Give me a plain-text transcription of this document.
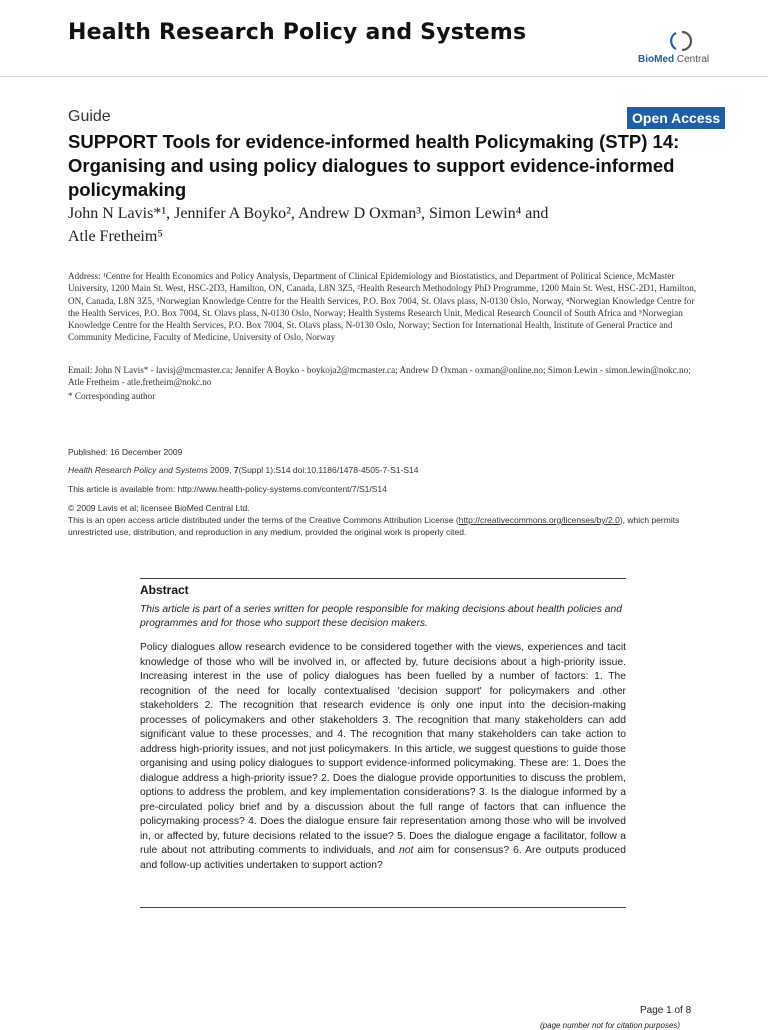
Health Research Policy and Systems
BioMed Central
Guide	Open Access
SUPPORT Tools for evidence-informed health Policymaking (STP) 14: Organising and using policy dialogues to support evidence-informed policymaking
John N Lavis*¹, Jennifer A Boyko², Andrew D Oxman³, Simon Lewin⁴ and
Atle Fretheim⁵
Address: ¹Centre for Health Economics and Policy Analysis, Department of Clinical Epidemiology and Biostatistics, and Department of Political Science, McMaster University, 1200 Main St. West, HSC-2D3, Hamilton, ON, Canada, L8N 3Z5, ²Health Research Methodology PhD Programme, 1200 Main St. West, HSC-2D1, Hamilton, ON, Canada, L8N 3Z5, ³Norwegian Knowledge Centre for the Health Services, P.O. Box 7004, St. Olavs plass, N-0130 Oslo, Norway, ⁴Norwegian Knowledge Centre for the Health Services, P.O. Box 7004, St. Olavs plass, N-0130 Oslo, Norway; Health Systems Research Unit, Medical Research Council of South Africa and ⁵Norwegian Knowledge Centre for the Health Services, P.O. Box 7004, St. Olavs plass, N-0130 Oslo, Norway; Section for International Health, Institute of General Practice and Community Medicine, Faculty of Medicine, University of Oslo, Norway
Email: John N Lavis* - lavisj@mcmaster.ca; Jennifer A Boyko - boykoja2@mcmaster.ca; Andrew D Oxman - oxman@online.no; Simon Lewin - simon.lewin@nokc.no; Atle Fretheim - atle.fretheim@nokc.no
* Corresponding author
Published: 16 December 2009
Health Research Policy and Systems 2009, 7(Suppl 1):S14 doi:10.1186/1478-4505-7-S1-S14
This article is available from: http://www.health-policy-systems.com/content/7/S1/S14
© 2009 Lavis et al; licensee BioMed Central Ltd.
This is an open access article distributed under the terms of the Creative Commons Attribution License (http://creativecommons.org/licenses/by/2.0), which permits unrestricted use, distribution, and reproduction in any medium, provided the original work is properly cited.
Abstract
This article is part of a series written for people responsible for making decisions about health policies and programmes and for those who support these decision makers.
Policy dialogues allow research evidence to be considered together with the views, experiences and tacit knowledge of those who will be involved in, or affected by, future decisions about a high-priority issue. Increasing interest in the use of policy dialogues has been fuelled by a number of factors: 1. The recognition of the need for locally contextualised 'decision support' for policymakers and other stakeholders 2. The recognition that research evidence is only one input into the decision-making processes of policymakers and other stakeholders 3. The recognition that many stakeholders can add significant value to these processes, and 4. The recognition that many stakeholders can take action to address high-priority issues, and not just policymakers. In this article, we suggest questions to guide those organising and using policy dialogues to support evidence-informed policymaking. These are: 1. Does the dialogue address a high-priority issue? 2. Does the dialogue provide opportunities to discuss the problem, options to address the problem, and key implementation considerations? 3. Is the dialogue informed by a pre-circulated policy brief and by a discussion about the full range of factors that can influence the policymaking process? 4. Does the dialogue ensure fair representation among those who will be involved in, or affected by, future decisions related to the issue? 5. Does the dialogue engage a facilitator, follow a rule about not attributing comments to individuals, and not aim for consensus? 6. Are outputs produced and follow-up activities undertaken to support action?
Page 1 of 8
(page number not for citation purposes)
